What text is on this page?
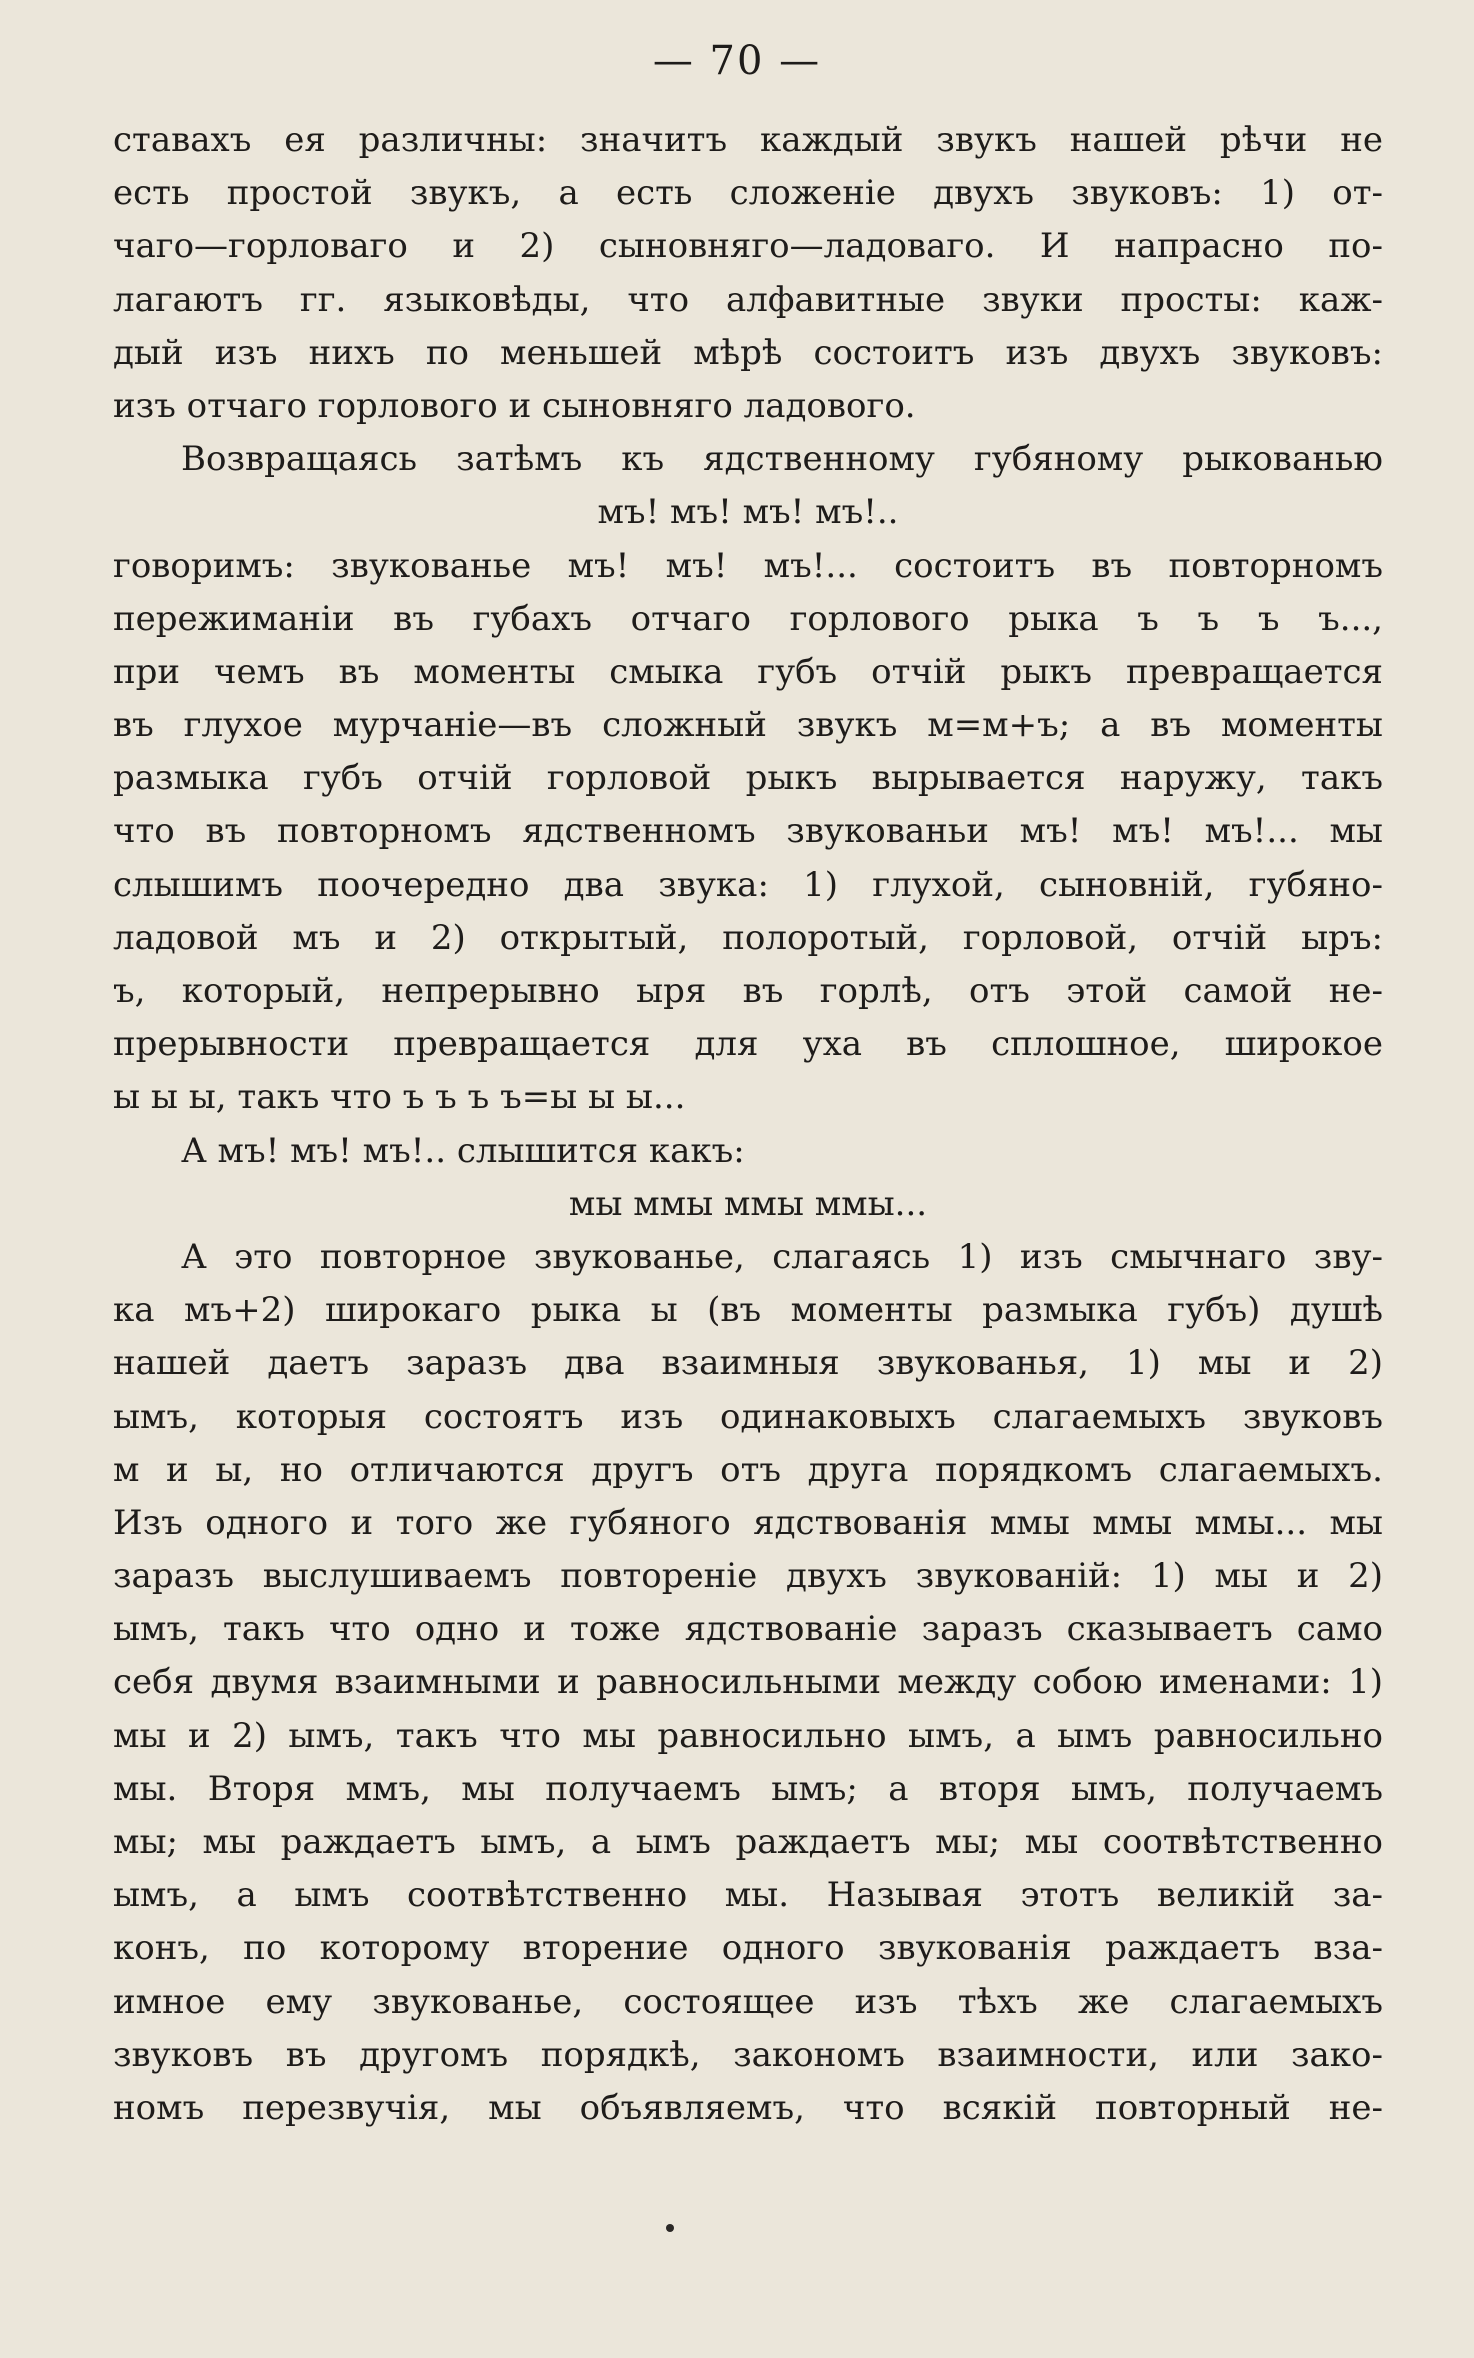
— 70 —
ставахъ ея различны: значитъ каждый звукъ нашей рѣчи не
есть простой звукъ, а есть сложеніе двухъ звуковъ: 1) от-
чаго—горловаго и 2) сыновняго—ладоваго. И напрасно по-
лагаютъ гг. языковѣды, что алфавитные звуки просты: каж-
дый изъ нихъ по меньшей мѣрѣ состоитъ изъ двухъ звуковъ:
изъ отчаго горлового и сыновняго ладового.
Возвращаясь затѣмъ къ ядственному губяному рыкованью
мъ! мъ! мъ! мъ!..
говоримъ: звукованье мъ! мъ! мъ!... состоитъ въ повторномъ
пережиманіи въ губахъ отчаго горлового рыка ъ ъ ъ ъ...,
при чемъ въ моменты смыка губъ отчій рыкъ превращается
въ глухое мурчаніе—въ сложный звукъ м=м+ъ; а въ моменты
размыка губъ отчій горловой рыкъ вырывается наружу, такъ
что въ повторномъ ядственномъ звукованьи мъ! мъ! мъ!... мы
слышимъ поочередно два звука: 1) глухой, сыновній, губяно-
ладовой мъ и 2) открытый, полоротый, горловой, отчій ыръ:
ъ, который, непрерывно ыря въ горлѣ, отъ этой самой не-
прерывности превращается для уха въ сплошное, широкое
ы ы ы, такъ что ъ ъ ъ ъ=ы ы ы...
А мъ! мъ! мъ!.. слышится какъ:
мы ммы ммы ммы...
А это повторное звукованье, слагаясь 1) изъ смычнаго зву-
ка мъ+2) широкаго рыка ы (въ моменты размыка губъ) душѣ
нашей даетъ заразъ два взаимныя звукованья, 1) мы и 2)
ымъ, которыя состоятъ изъ одинаковыхъ слагаемыхъ звуковъ
м и ы, но отличаются другъ отъ друга порядкомъ слагаемыхъ.
Изъ одного и того же губяного ядствованія ммы ммы ммы... мы
заразъ выслушиваемъ повтореніе двухъ звукованій: 1) мы и 2)
ымъ, такъ что одно и тоже ядствованіе заразъ сказываетъ само
себя двумя взаимными и равносильными между собою именами: 1)
мы и 2) ымъ, такъ что мы равносильно ымъ, а ымъ равносильно
мы. Вторя ммъ, мы получаемъ ымъ; а вторя ымъ, получаемъ
мы; мы раждаетъ ымъ, а ымъ раждаетъ мы; мы соотвѣтственно
ымъ, а ымъ соотвѣтственно мы. Называя этотъ великій за-
конъ, по которому вторение одного звукованія раждаетъ вза-
имное ему звукованье, состоящее изъ тѣхъ же слагаемыхъ
звуковъ въ другомъ порядкѣ, закономъ взаимности, или зако-
номъ перезвучія, мы объявляемъ, что всякій повторный не-
